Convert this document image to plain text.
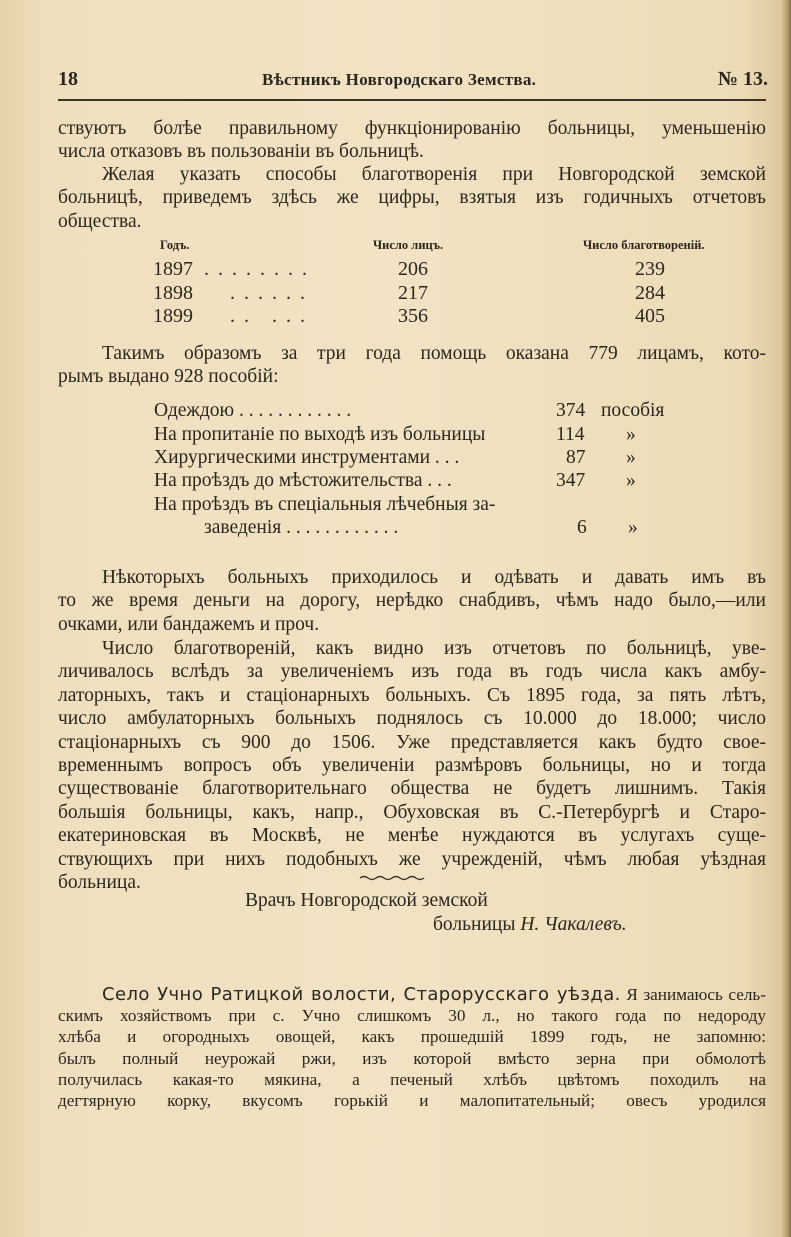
18	Вѣстникъ Новгородскаго Земства.	№ 13.
ствуютъ болѣе правильному функціонированію больницы, уменьшенію
числа отказовъ въ пользованіи въ больницѣ.
Желая указать способы благотворенія при Новгородской земской
больницѣ, приведемъ здѣсь же цифры, взятыя изъ годичныхъ отчетовъ
общества.
Годъ.	Число лицъ.	Число благотвореній.
1897 . . . . . . . .	206	239
1898 . . . . . .	217	284
1899 . .   . . .	356	405
Такимъ образомъ за три года помощь оказана 779 лицамъ, кото-
рымъ выдано 928 пособій:
Одеждою . . . . . . . . . . . .	374 пособія
На пропитаніе по выходѣ изъ больницы	114 »
Хирургическими инструментами . . .	87 »
На проѣздъ до мѣстожительства . . .	347 »
На проѣздъ въ спеціальныя лѣчебныя за-
заведенія . . . . . . . . . . . .	6 »
Нѣкоторыхъ больныхъ приходилось и одѣвать и давать имъ въ
то же время деньги на дорогу, нерѣдко снабдивъ, чѣмъ надо было,—или
очками, или бандажемъ и проч.
Число благотвореній, какъ видно изъ отчетовъ по больницѣ, уве-
личивалось вслѣдъ за увеличеніемъ изъ года въ годъ числа какъ амбу-
латорныхъ, такъ и стаціонарныхъ больныхъ. Съ 1895 года, за пять лѣтъ,
число амбулаторныхъ больныхъ поднялось съ 10.000 до 18.000; число
стаціонарныхъ съ 900 до 1506. Уже представляется какъ будто свое-
временнымъ вопросъ объ увеличеніи размѣровъ больницы, но и тогда
существованіе благотворительнаго общества не будетъ лишнимъ. Такія
большія больницы, какъ, напр., Обуховская въ С.-Петербургѣ и Старо-
екатериновская въ Москвѣ, не менѣе нуждаются въ услугахъ суще-
ствующихъ при нихъ подобныхъ же учрежденій, чѣмъ любая уѣздная
больница.
Врачъ Новгородской земской
больницы Н. Чакалевъ.
Село Учно Ратицкой волости, Старорусскаго уѣзда. Я занимаюсь сель-
скимъ хозяйствомъ при с. Учно слишкомъ 30 л., но такого года по недороду
хлѣба и огородныхъ овощей, какъ прошедшій 1899 годъ, не запомню:
былъ полный неурожай ржи, изъ которой вмѣсто зерна при обмолотѣ
получилась какая-то мякина, а печеный хлѣбъ цвѣтомъ походилъ на
дегтярную корку, вкусомъ горькій и малопитательный; овесъ уродился
